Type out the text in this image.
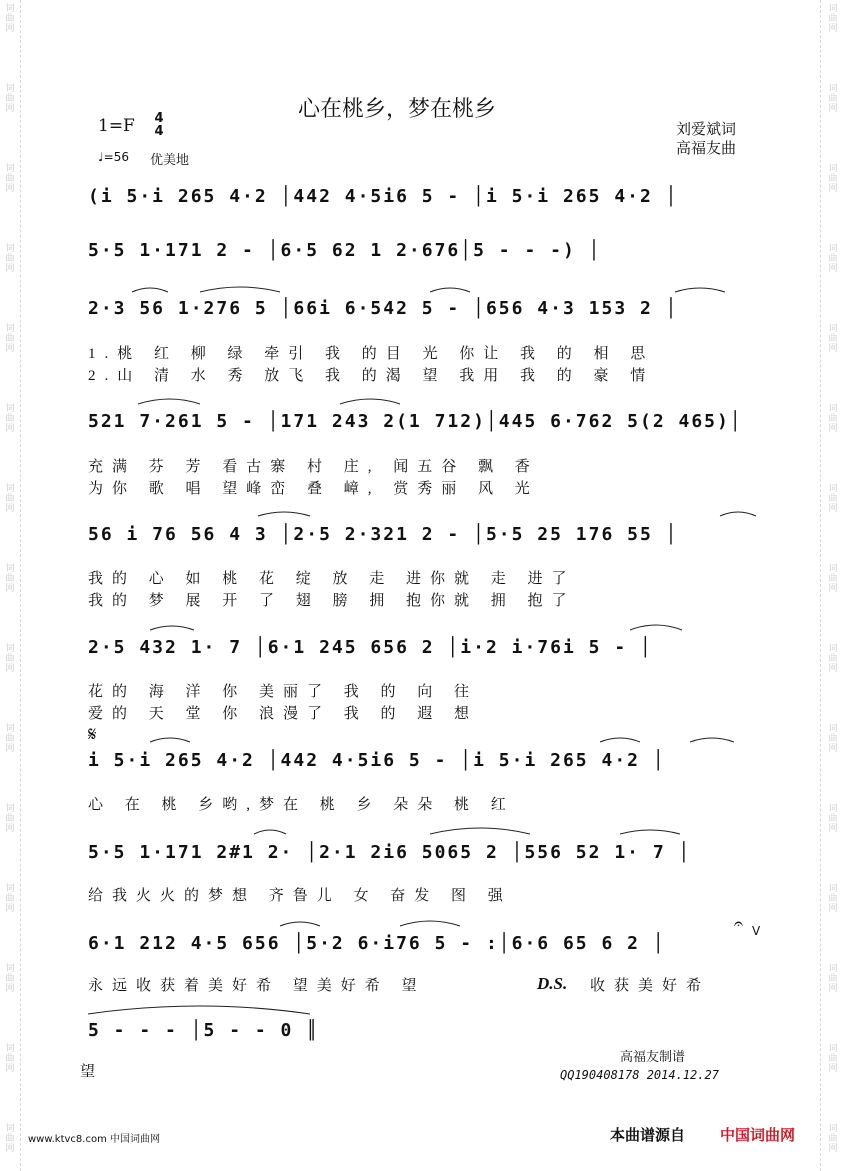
词曲网
词曲网
词曲网
词曲网
词曲网
词曲网
词曲网
词曲网
词曲网
词曲网
词曲网
词曲网
词曲网
词曲网
词曲网
词曲网
词曲网
词曲网
词曲网
词曲网
词曲网
词曲网
词曲网
词曲网
词曲网
词曲网
词曲网
词曲网
词曲网
词曲网
心在桃乡，梦在桃乡
1=F 4
4
♩=56 优美地
刘爱斌词
高福友曲
(i 5·i 265 4·2 │442 4·5i6 5 - │i 5·i 265 4·2 │
5·5 1·171 2 - │6·5 62 1 2·676│5 - - -) │
2·3 56 1·276 5 │66i 6·542 5 - │656 4·3 153 2 │
1.桃 红 柳 绿 牵引 我 的目 光 你让 我 的 相 思
2.山 清 水 秀 放飞 我 的渴 望 我用 我 的 豪 情
521 7·261 5 - │171 243 2(1 712)│445 6·762 5(2 465)│
充满 芬 芳 看古寨 村 庄, 闻五谷 飘 香
为你 歌 唱 望峰峦 叠 嶂, 赏秀丽 风 光
56 i 76 56 4 3 │2·5 2·321 2 - │5·5 25 176 55 │
我的 心 如 桃 花 绽 放 走 进你就 走 进了
我的 梦 展 开 了 翅 膀 拥 抱你就 拥 抱了
2·5 432 1· 7 │6·1 245 656 2 │i·2 i·76i 5 - │
花的 海 洋 你 美丽了 我 的 向 往
爱的 天 堂 你 浪漫了 我 的 遐 想
𝄋
i 5·i 265 4·2 │442 4·5i6 5 - │i 5·i 265 4·2 │
心 在 桃 乡哟,梦在 桃 乡 朵朵 桃 红
5·5 1·171 2#1 2· │2·1 2i6 5065 2 │556 52 1· 7 │
给我火火的梦想 齐鲁儿 女 奋发 图 强
6·1 212 4·5 656 │5·2 6·i76 5 - :│6·6 65 6 2 │
𝄐 V
永远收获着美好希 望美好希 望	D.S. 收获美好希
5 - - - │5 - - 0 ║
望
高福友制谱
QQ190408178 2014.12.27
www.ktvc8.com 中国词曲网	本曲谱源自 中国词曲网
